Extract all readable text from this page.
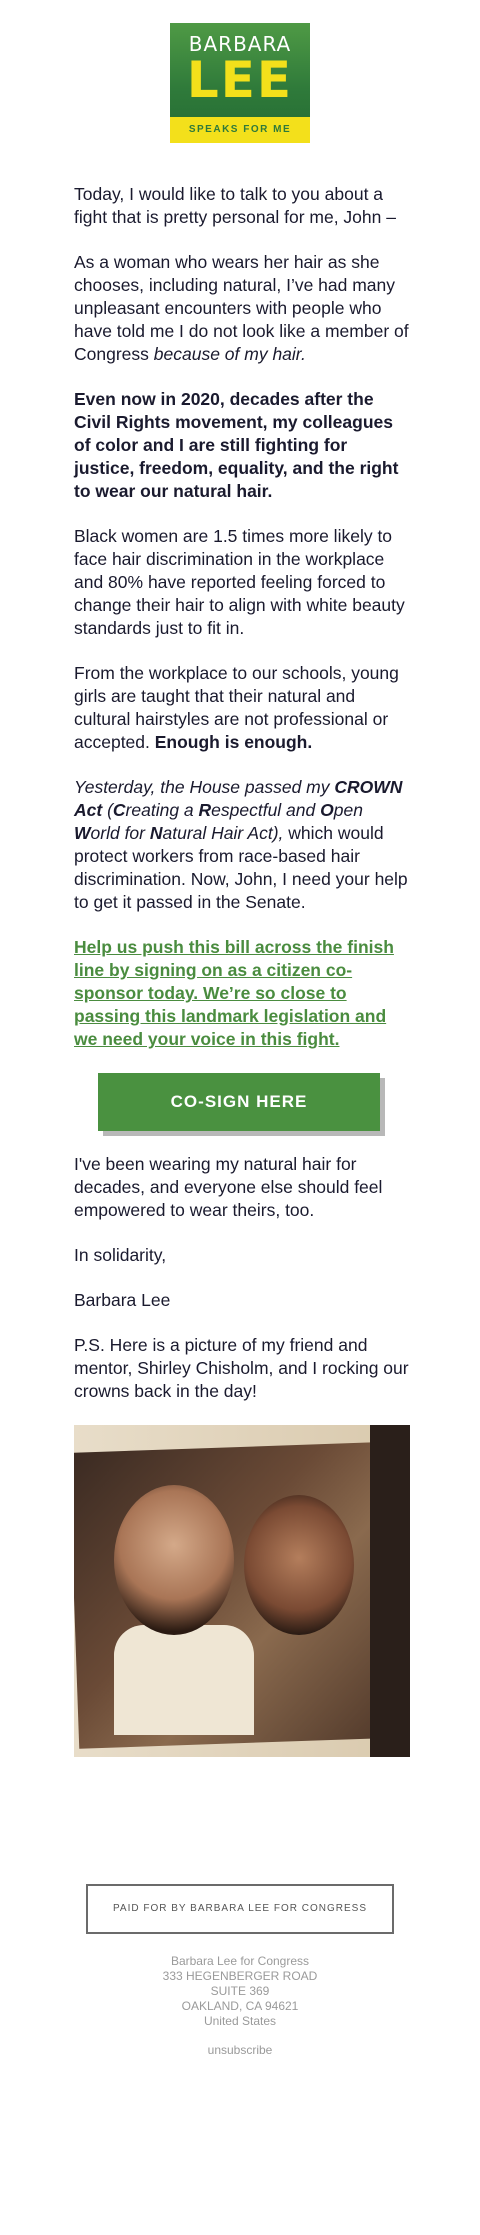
BARBARA
LEE
SPEAKS FOR ME

Today, I would like to talk to you about a fight that is pretty personal for me, John –

As a woman who wears her hair as she chooses, including natural, I’ve had many unpleasant encounters with people who have told me I do not look like a member of Congress because of my hair.

Even now in 2020, decades after the Civil Rights movement, my colleagues of color and I are still fighting for justice, freedom, equality, and the right to wear our natural hair.

Black women are 1.5 times more likely to face hair discrimination in the workplace and 80% have reported feeling forced to change their hair to align with white beauty standards just to fit in.

From the workplace to our schools, young girls are taught that their natural and cultural hairstyles are not professional or accepted. Enough is enough.

Yesterday, the House passed my CROWN Act (Creating a Respectful and Open World for Natural Hair Act), which would protect workers from race-based hair discrimination. Now, John, I need your help to get it passed in the Senate.

Help us push this bill across the finish line by signing on as a citizen co-sponsor today. We’re so close to passing this landmark legislation and we need your voice in this fight.

CO-SIGN HERE

I've been wearing my natural hair for decades, and everyone else should feel empowered to wear theirs, too.

In solidarity,

Barbara Lee

P.S. Here is a picture of my friend and mentor, Shirley Chisholm, and I rocking our crowns back in the day!

PAID FOR BY BARBARA LEE FOR CONGRESS
Barbara Lee for Congress
333 HEGENBERGER ROAD
SUITE 369
OAKLAND, CA 94621
United States
unsubscribe
